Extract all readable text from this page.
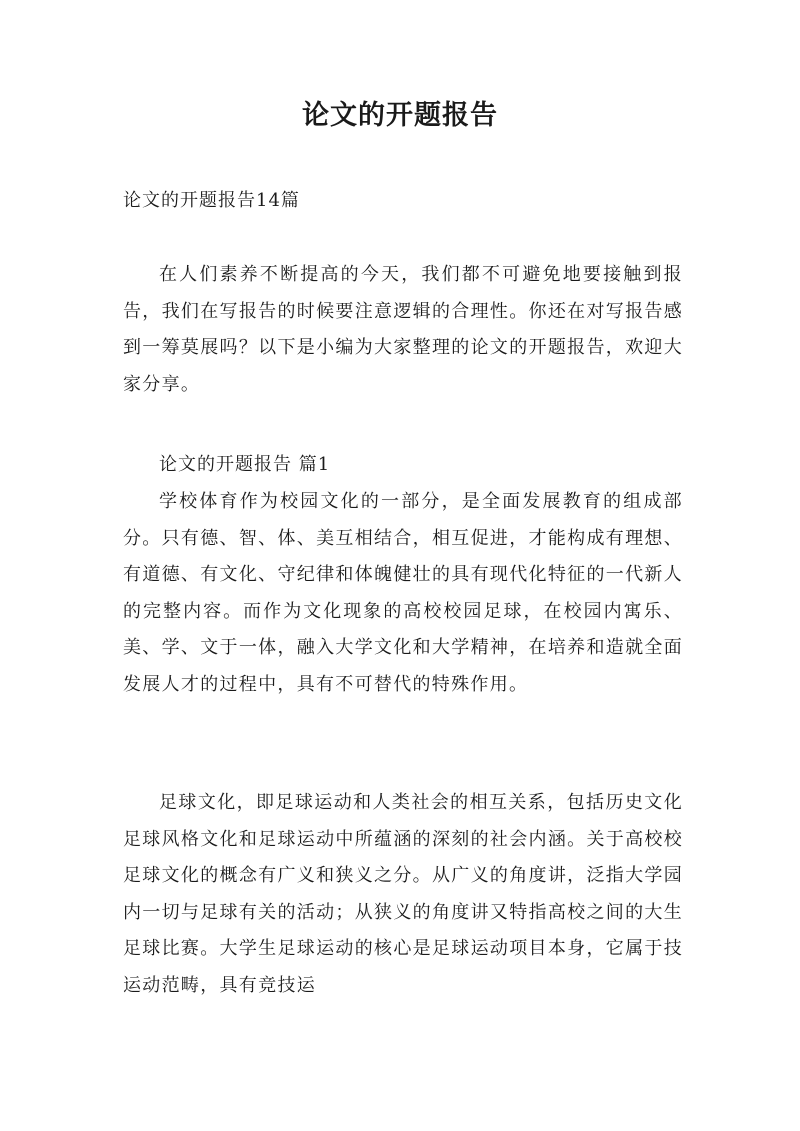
论文的开题报告
论文的开题报告14篇

在人们素养不断提高的今天，我们都不可避免地要接触到报告，我们在写报告的时候要注意逻辑的合理性。你还在对写报告感到一筹莫展吗？以下是小编为大家整理的论文的开题报告，欢迎大家分享。

论文的开题报告 篇1

学校体育作为校园文化的一部分，是全面发展教育的组成部分。只有德、智、体、美互相结合，相互促进，才能构成有理想、有道德、有文化、守纪律和体魄健壮的具有现代化特征的一代新人的完整内容。而作为文化现象的高校校园足球，在校园内寓乐、美、学、文于一体，融入大学文化和大学精神，在培养和造就全面发展人才的过程中，具有不可替代的特殊作用。

足球文化，即足球运动和人类社会的相互关系，包括历史文化足球风格文化和足球运动中所蕴涵的深刻的社会内涵。关于高校校足球文化的概念有广义和狭义之分。从广义的角度讲，泛指大学园内一切与足球有关的活动；从狭义的角度讲又特指高校之间的大生足球比赛。大学生足球运动的核心是足球运动项目本身，它属于技运动范畴，具有竞技运
